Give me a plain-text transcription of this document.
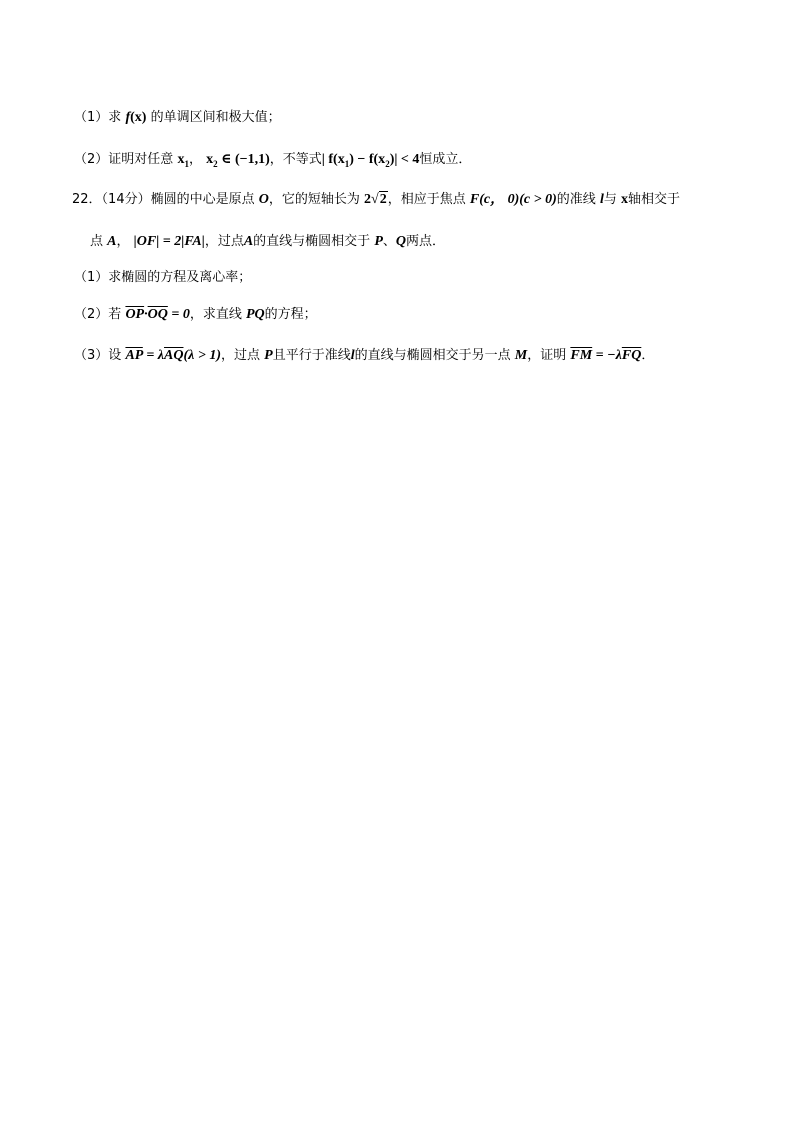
（1）求 f(x) 的单调区间和极大值；
（2）证明对任意 $x_1$， $x_2$ ∈ (−1,1)，不等式| $f(x_1) - f(x_2)| < 4$恒成立．
22．（14分）椭圆的中心是原点 O，它的短轴长为 2√2，相应于焦点 F(c， 0)(c > 0)的准线 l与 x轴相交于
点 A， |OF| = 2|FA|，过点A的直线与椭圆相交于 P、Q两点．
（1）求椭圆的方程及离心率；
（2）若 $\overline{OP}\cdot\overline{OQ} = 0$，求直线 PQ的方程；
（3）设 $\overline{AP} = \lambda\overline{AQ}(\lambda > 1)$，过点 P且平行于准线l的直线与椭圆相交于另一点 M，证明 $\overline{FM} = -\lambda\overline{FQ}$．
